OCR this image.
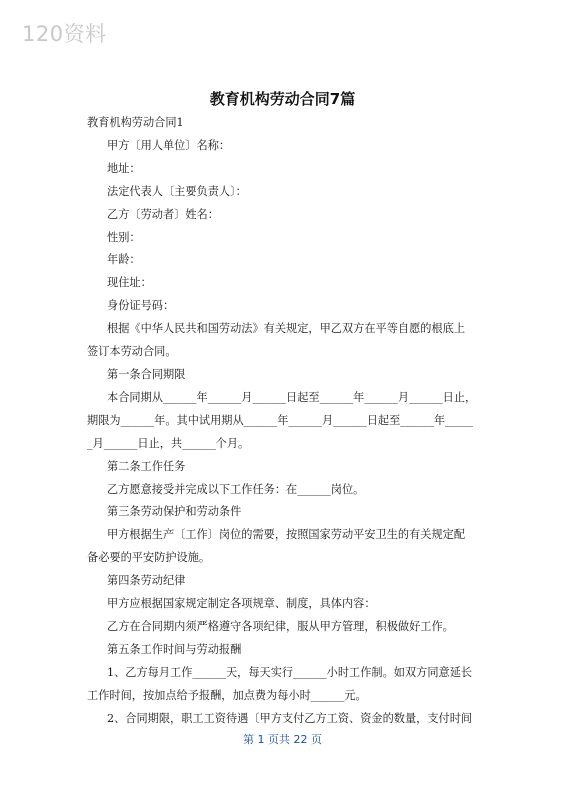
120资料
教育机构劳动合同7篇

教育机构劳动合同1

甲方〔用人单位〕名称：

地址：

法定代表人〔主要负责人〕：

乙方〔劳动者〕姓名：

性别：

年龄：

现住址：

身份证号码：

根据《中华人民共和国劳动法》有关规定，甲乙双方在平等自愿的根底上

签订本劳动合同。

第一条合同期限

本合同期从______年______月______日起至______年______月______日止，

期限为______年。其中试用期从______年______月______日起至______年_____

_月______日止，共______个月。

第二条工作任务

乙方愿意接受并完成以下工作任务：在______岗位。

第三条劳动保护和劳动条件

甲方根据生产〔工作〕岗位的需要，按照国家劳动平安卫生的有关规定配

备必要的平安防护设施。

第四条劳动纪律

甲方应根据国家规定制定各项规章、制度，具体内容：

乙方在合同期内须严格遵守各项纪律，服从甲方管理，积极做好工作。

第五条工作时间与劳动报酬

1、乙方每月工作______天，每天实行______小时工作制。如双方同意延长

工作时间，按加点给予报酬，加点费为每小时______元。

2、合同期限，职工工资待遇〔甲方支付乙方工资、资金的数量，支付时间

第 1 页共 22 页
